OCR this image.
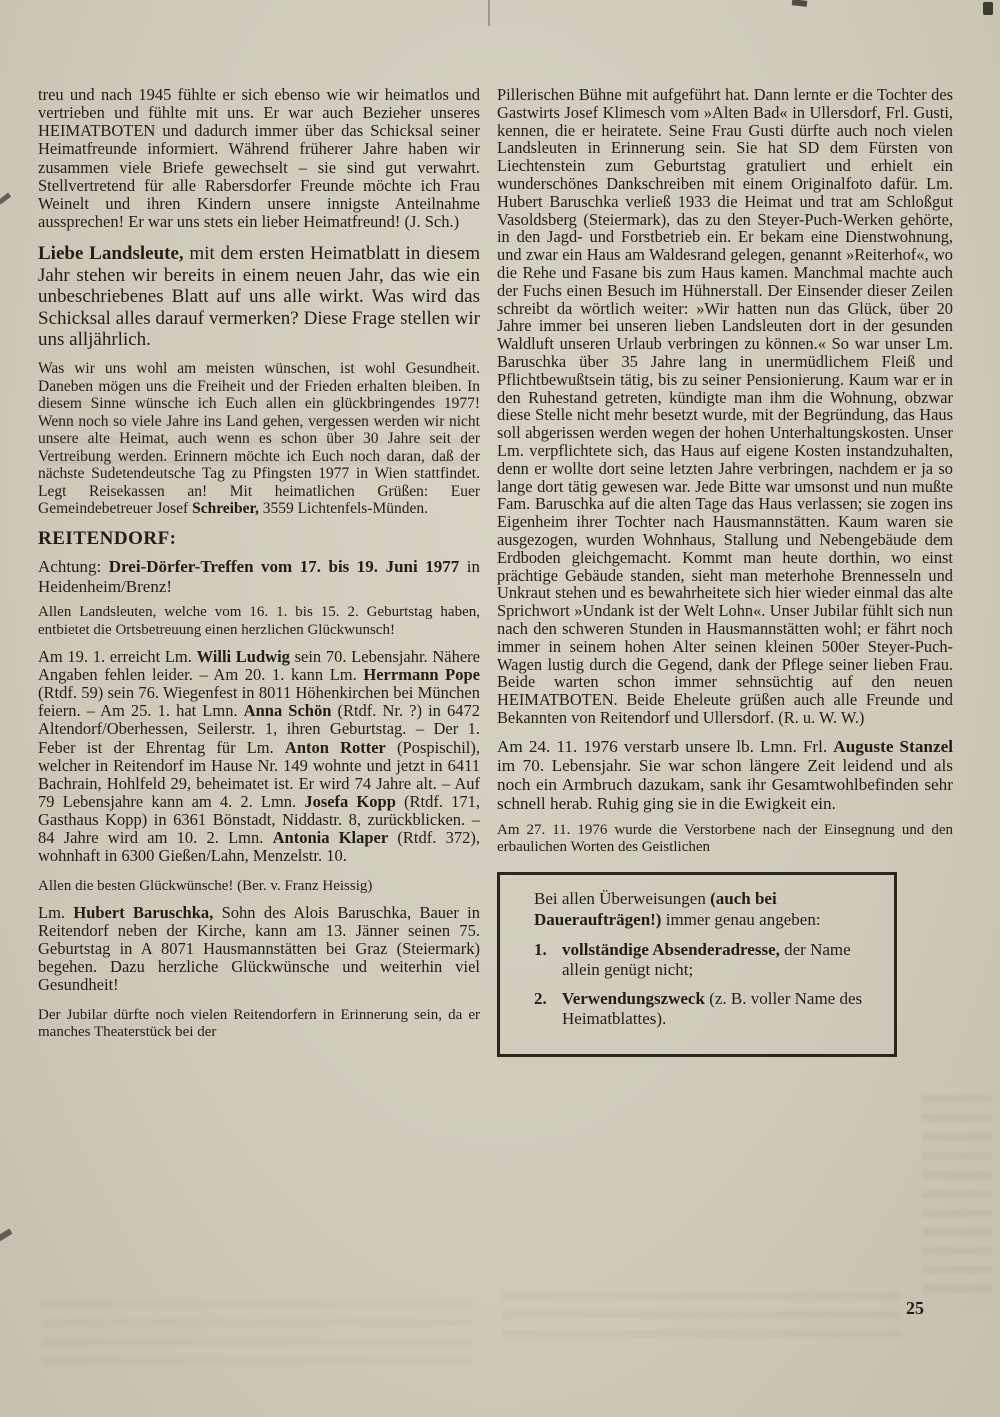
treu und nach 1945 fühlte er sich ebenso wie wir heimatlos und vertrieben und fühlte mit uns. Er war auch Bezieher unseres HEIMATBOTEN und dadurch immer über das Schicksal seiner Heimatfreunde informiert. Während früherer Jahre haben wir zusammen viele Briefe gewechselt – sie sind gut verwahrt. Stellvertretend für alle Rabersdorfer Freunde möchte ich Frau Weinelt und ihren Kindern unsere innigste Anteilnahme aussprechen! Er war uns stets ein lieber Heimatfreund! (J. Sch.)

Liebe Landsleute, mit dem ersten Heimatblatt in diesem Jahr stehen wir bereits in einem neuen Jahr, das wie ein unbeschriebenes Blatt auf uns alle wirkt. Was wird das Schicksal alles darauf vermerken? Diese Frage stellen wir uns alljährlich.

Was wir uns wohl am meisten wünschen, ist wohl Gesundheit. Daneben mögen uns die Freiheit und der Frieden erhalten bleiben. In diesem Sinne wünsche ich Euch allen ein glückbringendes 1977! Wenn noch so viele Jahre ins Land gehen, vergessen werden wir nicht unsere alte Heimat, auch wenn es schon über 30 Jahre seit der Vertreibung werden. Erinnern möchte ich Euch noch daran, daß der nächste Sudetendeutsche Tag zu Pfingsten 1977 in Wien stattfindet. Legt Reisekassen an! Mit heimatlichen Grüßen: Euer Gemeindebetreuer Josef Schreiber, 3559 Lichtenfels-Münden.

REITENDORF:

Achtung: Drei-Dörfer-Treffen vom 17. bis 19. Juni 1977 in Heidenheim/Brenz!

Allen Landsleuten, welche vom 16. 1. bis 15. 2. Geburtstag haben, entbietet die Ortsbetreuung einen herzlichen Glückwunsch!

Am 19. 1. erreicht Lm. Willi Ludwig sein 70. Lebensjahr. Nähere Angaben fehlen leider. – Am 20. 1. kann Lm. Herrmann Pope (Rtdf. 59) sein 76. Wiegenfest in 8011 Höhenkirchen bei München feiern. – Am 25. 1. hat Lmn. Anna Schön (Rtdf. Nr. ?) in 6472 Altendorf/Oberhessen, Seilerstr. 1, ihren Geburtstag. – Der 1. Feber ist der Ehrentag für Lm. Anton Rotter (Pospischil), welcher in Reitendorf im Hause Nr. 149 wohnte und jetzt in 6411 Bachrain, Hohlfeld 29, beheimatet ist. Er wird 74 Jahre alt. – Auf 79 Lebensjahre kann am 4. 2. Lmn. Josefa Kopp (Rtdf. 171, Gasthaus Kopp) in 6361 Bönstadt, Niddastr. 8, zurückblicken. – 84 Jahre wird am 10. 2. Lmn. Antonia Klaper (Rtdf. 372), wohnhaft in 6300 Gießen/Lahn, Menzelstr. 10.

Allen die besten Glückwünsche! (Ber. v. Franz Heissig)

Lm. Hubert Baruschka, Sohn des Alois Baruschka, Bauer in Reitendorf neben der Kirche, kann am 13. Jänner seinen 75. Geburtstag in A 8071 Hausmannstätten bei Graz (Steiermark) begehen. Dazu herzliche Glückwünsche und weiterhin viel Gesundheit!

Der Jubilar dürfte noch vielen Reitendorfern in Erinnerung sein, da er manches Theaterstück bei der

Pillerischen Bühne mit aufgeführt hat. Dann lernte er die Tochter des Gastwirts Josef Klimesch vom »Alten Bad« in Ullersdorf, Frl. Gusti, kennen, die er heiratete. Seine Frau Gusti dürfte auch noch vielen Landsleuten in Erinnerung sein. Sie hat SD dem Fürsten von Liechtenstein zum Geburtstag gratuliert und erhielt ein wunderschönes Dankschreiben mit einem Originalfoto dafür. Lm. Hubert Baruschka verließ 1933 die Heimat und trat am Schloßgut Vasoldsberg (Steiermark), das zu den Steyer-Puch-Werken gehörte, in den Jagd- und Forstbetrieb ein. Er bekam eine Dienstwohnung, und zwar ein Haus am Waldesrand gelegen, genannt »Reiterhof«, wo die Rehe und Fasane bis zum Haus kamen. Manchmal machte auch der Fuchs einen Besuch im Hühnerstall. Der Einsender dieser Zeilen schreibt da wörtlich weiter: »Wir hatten nun das Glück, über 20 Jahre immer bei unseren lieben Landsleuten dort in der gesunden Waldluft unseren Urlaub verbringen zu können.« So war unser Lm. Baruschka über 35 Jahre lang in unermüdlichem Fleiß und Pflichtbewußtsein tätig, bis zu seiner Pensionierung. Kaum war er in den Ruhestand getreten, kündigte man ihm die Wohnung, obzwar diese Stelle nicht mehr besetzt wurde, mit der Begründung, das Haus soll abgerissen werden wegen der hohen Unterhaltungskosten. Unser Lm. verpflichtete sich, das Haus auf eigene Kosten instandzuhalten, denn er wollte dort seine letzten Jahre verbringen, nachdem er ja so lange dort tätig gewesen war. Jede Bitte war umsonst und nun mußte Fam. Baruschka auf die alten Tage das Haus verlassen; sie zogen ins Eigenheim ihrer Tochter nach Hausmannstätten. Kaum waren sie ausgezogen, wurden Wohnhaus, Stallung und Nebengebäude dem Erdboden gleichgemacht. Kommt man heute dorthin, wo einst prächtige Gebäude standen, sieht man meterhohe Brennesseln und Unkraut stehen und es bewahrheitete sich hier wieder einmal das alte Sprichwort »Undank ist der Welt Lohn«. Unser Jubilar fühlt sich nun nach den schweren Stunden in Hausmannstätten wohl; er fährt noch immer in seinem hohen Alter seinen kleinen 500er Steyer-Puch-Wagen lustig durch die Gegend, dank der Pflege seiner lieben Frau. Beide warten schon immer sehnsüchtig auf den neuen HEIMATBOTEN. Beide Eheleute grüßen auch alle Freunde und Bekannten von Reitendorf und Ullersdorf. (R. u. W. W.)

Am 24. 11. 1976 verstarb unsere lb. Lmn. Frl. Auguste Stanzel im 70. Lebensjahr. Sie war schon längere Zeit leidend und als noch ein Armbruch dazukam, sank ihr Gesamtwohlbefinden sehr schnell herab. Ruhig ging sie in die Ewigkeit ein.

Am 27. 11. 1976 wurde die Verstorbene nach der Einsegnung und den erbaulichen Worten des Geistlichen

Bei allen Überweisungen (auch bei Daueraufträgen!) immer genau angeben:

1. vollständige Absenderadresse, der Name allein genügt nicht;
2. Verwendungszweck (z. B. voller Name des Heimatblattes).
25
